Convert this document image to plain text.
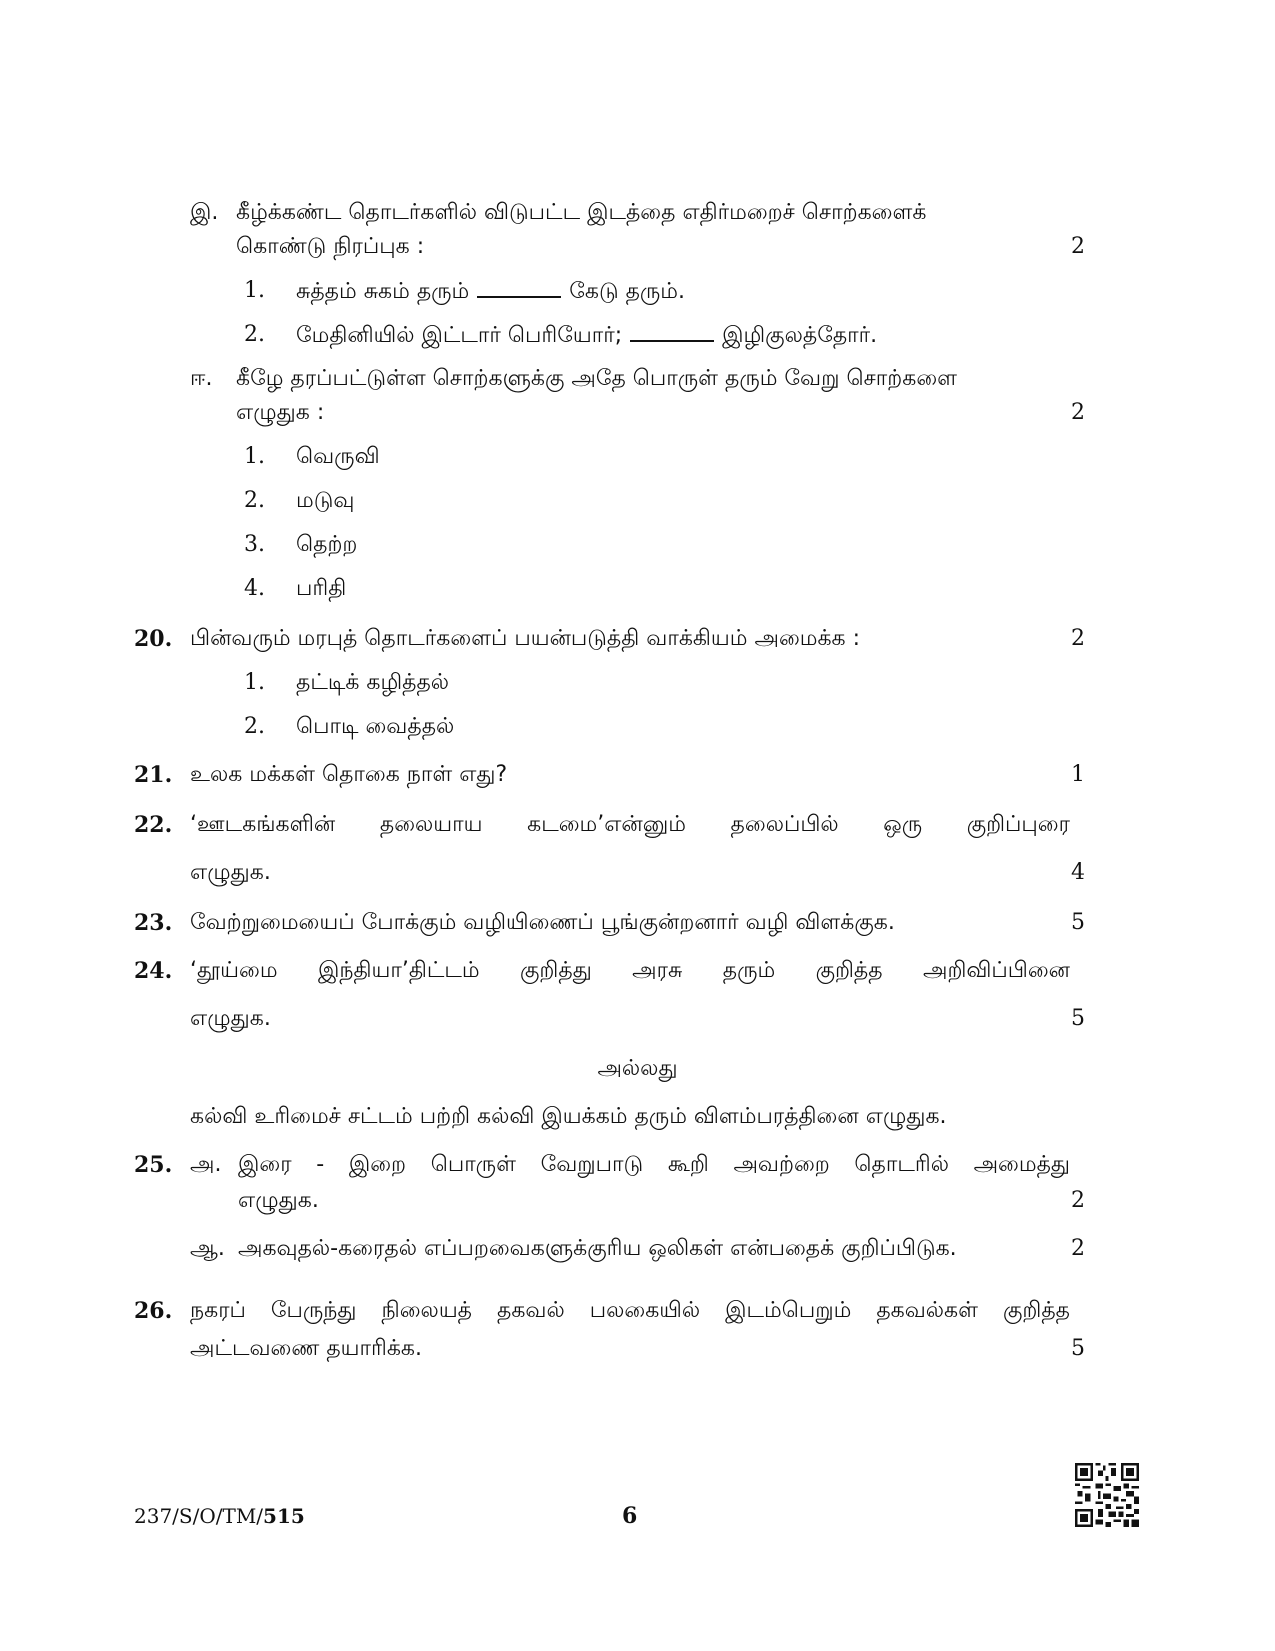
இ. கீழ்க்கண்ட தொடர்களில் விடுபட்ட இடத்தை எதிர்மறைச் சொற்களைக்
கொண்டு நிரப்புக :	2
1. சுத்தம் சுகம் தரும்	கேடு தரும்.
2. மேதினியில் இட்டார் பெரியோர்;	இழிகுலத்தோர்.
ஈ. கீழே தரப்பட்டுள்ள சொற்களுக்கு அதே பொருள் தரும் வேறு சொற்களை
எழுதுக :	2
1. வெருவி
2. மடுவு
3. தெற்ற
4. பரிதி
20. பின்வரும் மரபுத் தொடர்களைப் பயன்படுத்தி வாக்கியம் அமைக்க :	2
1. தட்டிக் கழித்தல்
2. பொடி வைத்தல்
21. உலக மக்கள் தொகை நாள் எது?	1
22. ‘ஊடகங்களின் தலையாய கடமை’என்னும் தலைப்பில் ஒரு குறிப்புரை
எழுதுக.	4
23. வேற்றுமையைப் போக்கும் வழியிணைப் பூங்குன்றனார் வழி விளக்குக.	5
24. ‘தூய்மை இந்தியா’திட்டம் குறித்து அரசு தரும் குறித்த அறிவிப்பினை
எழுதுக.	5
அல்லது
கல்வி உரிமைச் சட்டம் பற்றி கல்வி இயக்கம் தரும் விளம்பரத்தினை எழுதுக.
25. அ. இரை - இறை பொருள் வேறுபாடு கூறி அவற்றை தொடரில் அமைத்து
எழுதுக.	2
ஆ. அகவுதல்-கரைதல் எப்பறவைகளுக்குரிய ஒலிகள் என்பதைக் குறிப்பிடுக.	2
26. நகரப் பேருந்து நிலையத் தகவல் பலகையில் இடம்பெறும் தகவல்கள் குறித்த
அட்டவணை தயாரிக்க.	5
237/S/O/TM/515	6
